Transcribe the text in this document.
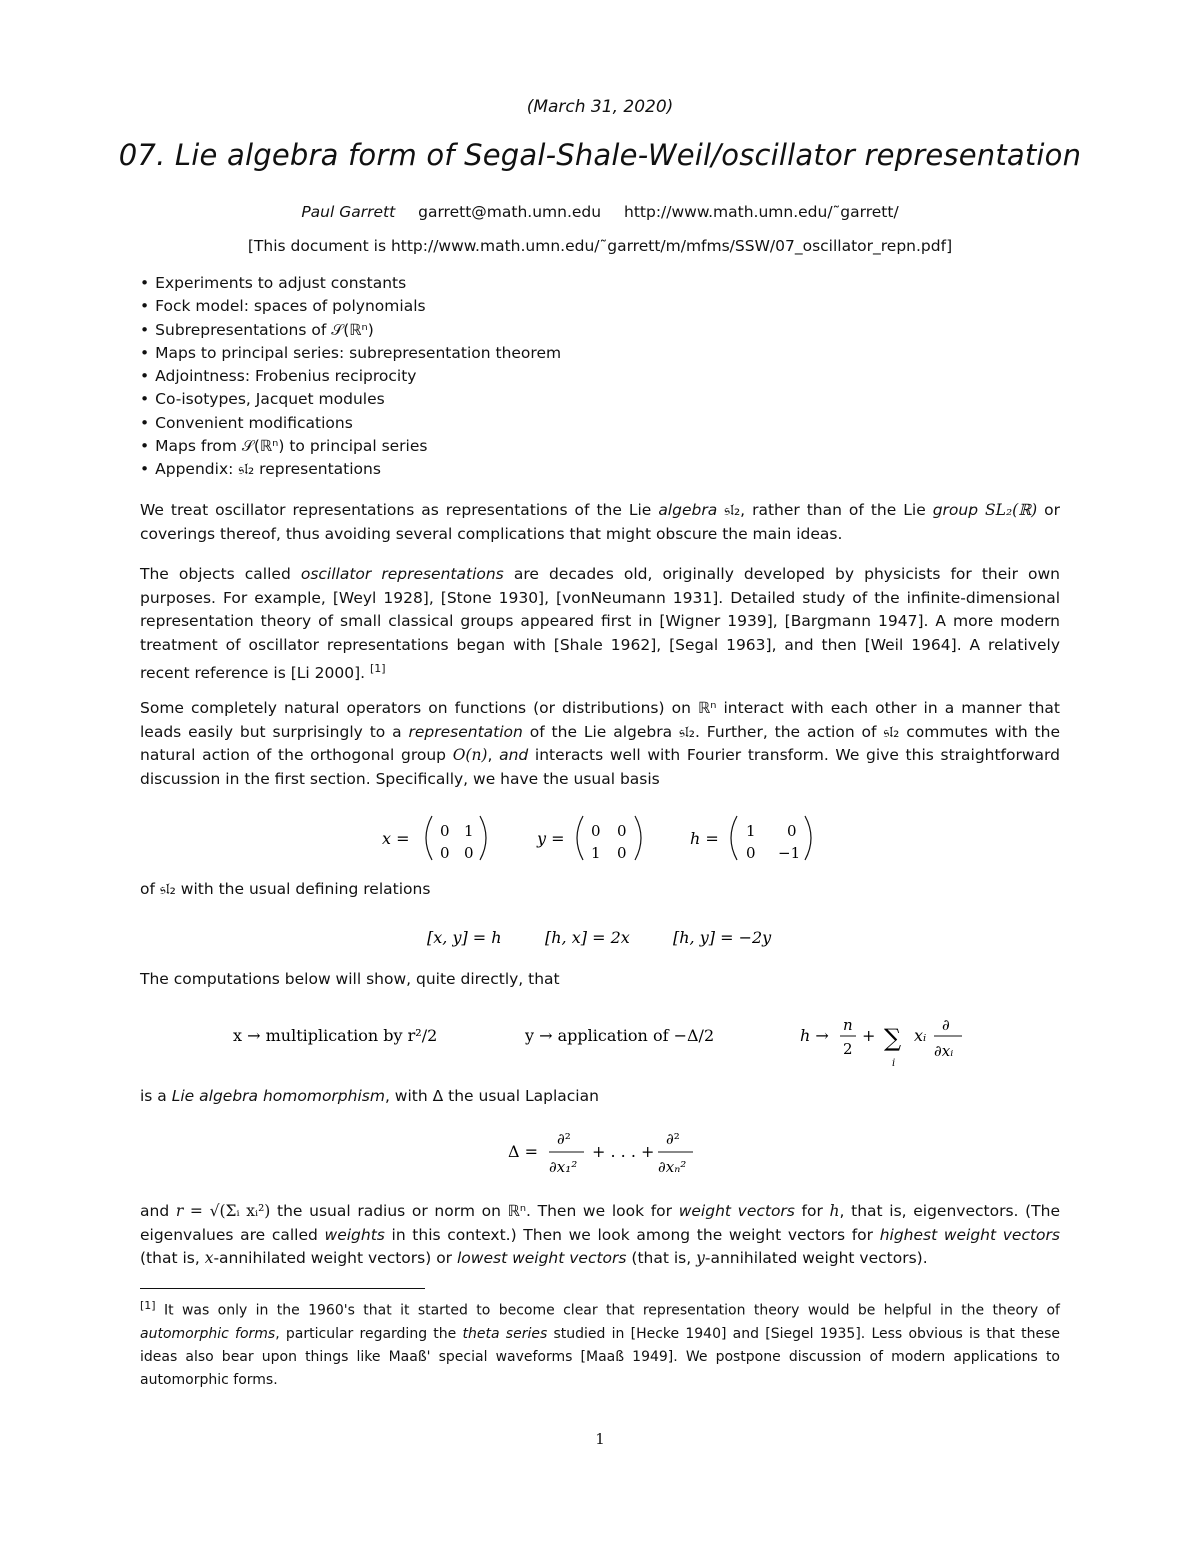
(March 31, 2020)
07. Lie algebra form of Segal-Shale-Weil/oscillator representation
Paul Garrett garrett@math.umn.edu http://www.math.umn.edu/˜garrett/
[This document is http://www.math.umn.edu/˜garrett/m/mfms/SSW/07_oscillator_repn.pdf]
• Experiments to adjust constants
• Fock model: spaces of polynomials
• Subrepresentations of 𝒮(ℝⁿ)
• Maps to principal series: subrepresentation theorem
• Adjointness: Frobenius reciprocity
• Co-isotypes, Jacquet modules
• Convenient modifications
• Maps from 𝒮(ℝⁿ) to principal series
• Appendix: 𝔰𝔩₂ representations

We treat oscillator representations as representations of the Lie algebra 𝔰𝔩₂, rather than of the Lie group SL₂(ℝ) or coverings thereof, thus avoiding several complications that might obscure the main ideas.

The objects called oscillator representations are decades old, originally developed by physicists for their own purposes. For example, [Weyl 1928], [Stone 1930], [vonNeumann 1931]. Detailed study of the infinite-dimensional representation theory of small classical groups appeared first in [Wigner 1939], [Bargmann 1947]. A more modern treatment of oscillator representations began with [Shale 1962], [Segal 1963], and then [Weil 1964]. A relatively recent reference is [Li 2000]. [1]

Some completely natural operators on functions (or distributions) on ℝⁿ interact with each other in a manner that leads easily but surprisingly to a representation of the Lie algebra 𝔰𝔩₂. Further, the action of 𝔰𝔩₂ commutes with the natural action of the orthogonal group O(n), and interacts well with Fourier transform. We give this straightforward discussion in the first section. Specifically, we have the usual basis

x = 0 1
0 0
y = 0 0
1 0
h = 1 0
0 −1

of 𝔰𝔩₂ with the usual defining relations

[x, y] = h	[h, x] = 2x	[h, y] = −2y

The computations below will show, quite directly, that

x → multiplication by r²/2	y → application of −Δ/2	h →
n
2
+ ∑
i
xᵢ
∂
∂xᵢ

is a Lie algebra homomorphism, with Δ the usual Laplacian

Δ =
∂²
∂x₁²
+ . . . +
∂²
∂xₙ²

and r = √(Σᵢ xᵢ²) the usual radius or norm on ℝⁿ. Then we look for weight vectors for h, that is, eigenvectors. (The eigenvalues are called weights in this context.) Then we look among the weight vectors for highest weight vectors (that is, x-annihilated weight vectors) or lowest weight vectors (that is, y-annihilated weight vectors).

[1] It was only in the 1960's that it started to become clear that representation theory would be helpful in the theory of automorphic forms, particular regarding the theta series studied in [Hecke 1940] and [Siegel 1935]. Less obvious is that these ideas also bear upon things like Maaß' special waveforms [Maaß 1949]. We postpone discussion of modern applications to automorphic forms.

1
